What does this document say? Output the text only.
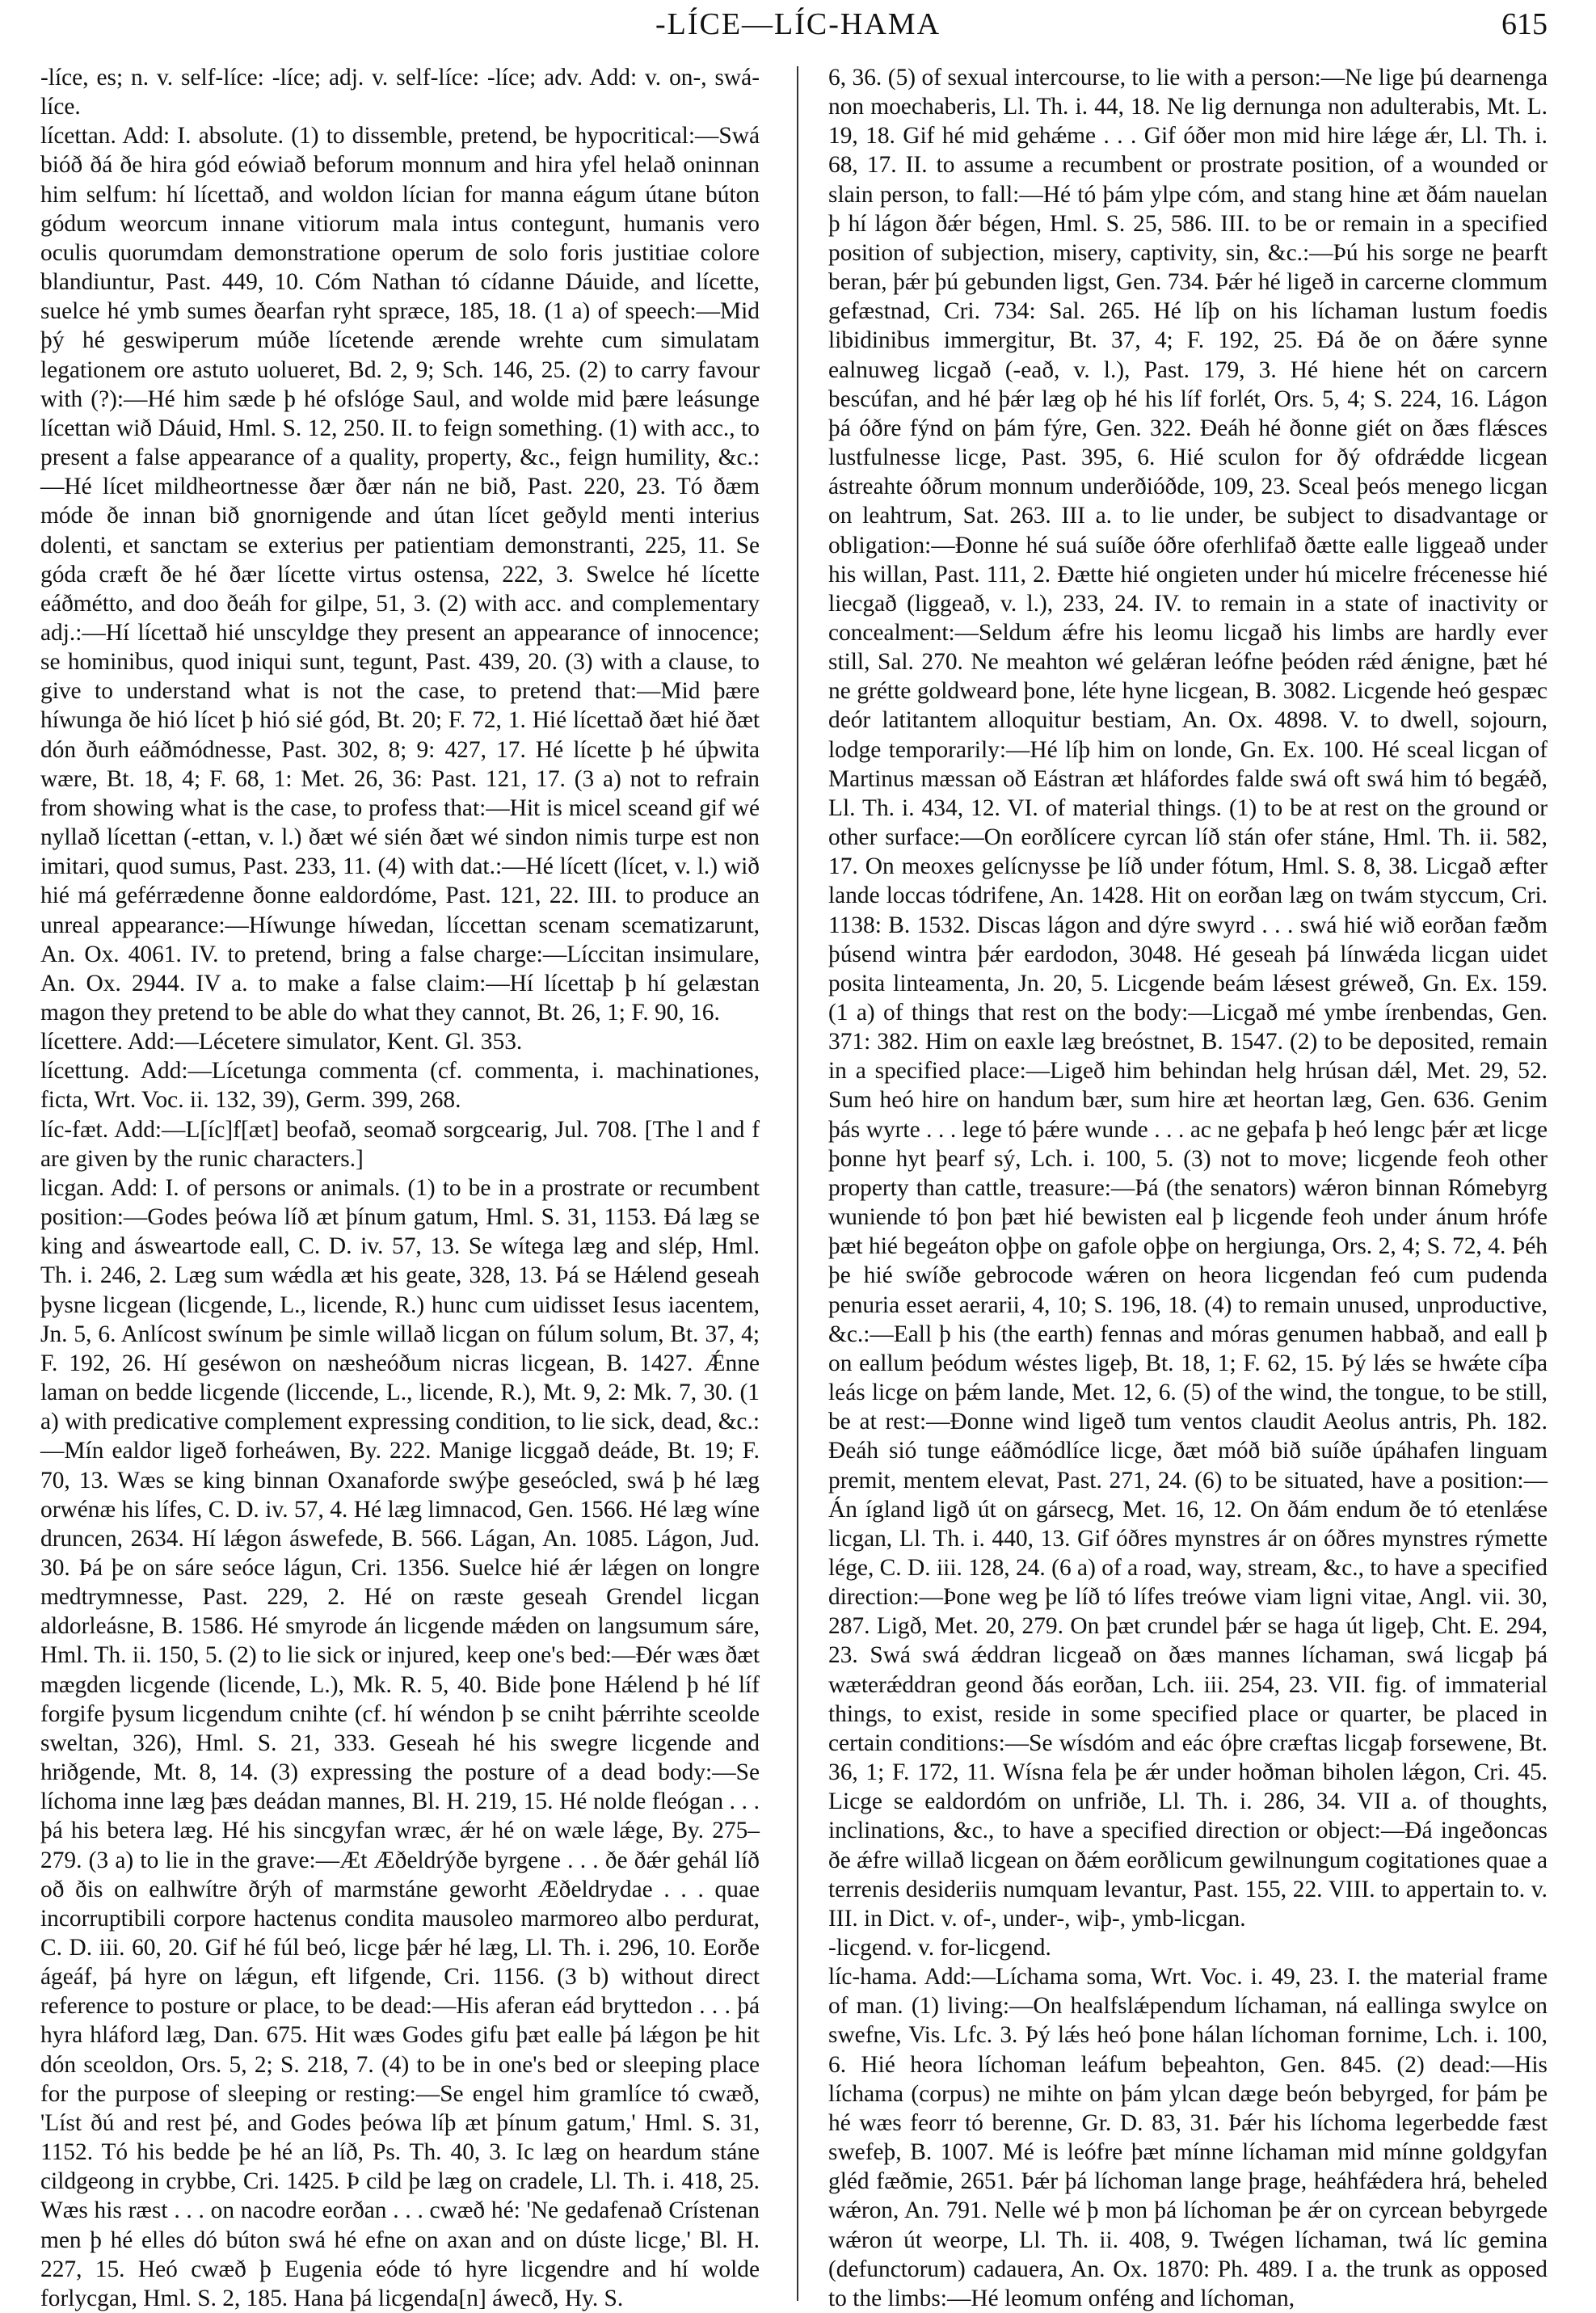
-LÍCE—LÍC-HAMA	615

-líce, es; n. v. self-líce: -líce; adj. v. self-líce: -líce; adv. Add: v. on-, swá-líce.

lícettan. Add: I. absolute. (1) to dissemble, pretend, be hypocritical:—Swá bióð ðá ðe hira gód eówiað beforum monnum and hira yfel helað oninnan him selfum: hí lícettað, and woldon lícian for manna eágum útane búton gódum weorcum innane vitiorum mala intus contegunt, humanis vero oculis quorumdam demonstratione operum de solo foris justitiae colore blandiuntur, Past. 449, 10. Cóm Nathan tó cídanne Dáuide, and lícette, suelce hé ymb sumes ðearfan ryht spræce, 185, 18. (1 a) of speech:—Mid þý hé geswiperum múðe lícetende ærende wrehte cum simulatam legationem ore astuto uolueret, Bd. 2, 9; Sch. 146, 25. (2) to carry favour with (?):—Hé him sæde þ hé ofslóge Saul, and wolde mid þære leásunge lícettan wið Dáuid, Hml. S. 12, 250. II. to feign something. (1) with acc., to present a false appearance of a quality, property, &c., feign humility, &c.:—Hé lícet mildheortnesse ðær ðær nán ne bið, Past. 220, 23. Tó ðæm móde ðe innan bið gnornigende and útan lícet geðyld menti interius dolenti, et sanctam se exterius per patientiam demonstranti, 225, 11. Se góda cræft ðe hé ðær lícette virtus ostensa, 222, 3. Swelce hé lícette eáðmétto, and doo ðeáh for gilpe, 51, 3. (2) with acc. and complementary adj.:—Hí lícettað hié unscyldge they present an appearance of innocence; se hominibus, quod iniqui sunt, tegunt, Past. 439, 20. (3) with a clause, to give to understand what is not the case, to pretend that:—Mid þære híwunga ðe hió lícet þ hió sié gód, Bt. 20; F. 72, 1. Hié lícettað ðæt hié ðæt dón ðurh eáðmódnesse, Past. 302, 8; 9: 427, 17. Hé lícette þ hé úþwita wære, Bt. 18, 4; F. 68, 1: Met. 26, 36: Past. 121, 17. (3 a) not to refrain from showing what is the case, to profess that:—Hit is micel sceand gif wé nyllað lícettan (-ettan, v. l.) ðæt wé sién ðæt wé sindon nimis turpe est non imitari, quod sumus, Past. 233, 11. (4) with dat.:—Hé lícett (lícet, v. l.) wið hié má geférrædenne ðonne ealdordóme, Past. 121, 22. III. to produce an unreal appearance:—Híwunge híwedan, líccettan scenam scematizarunt, An. Ox. 4061. IV. to pretend, bring a false charge:—Líccitan insimulare, An. Ox. 2944. IV a. to make a false claim:—Hí lícettaþ þ hí gelæstan magon they pretend to be able do what they cannot, Bt. 26, 1; F. 90, 16.

lícettere. Add:—Lécetere simulator, Kent. Gl. 353.

lícettung. Add:—Lícetunga commenta (cf. commenta, i. machinationes, ficta, Wrt. Voc. ii. 132, 39), Germ. 399, 268.

líc-fæt. Add:—L[íc]f[æt] beofað, seomað sorgcearig, Jul. 708. [The l and f are given by the runic characters.]

licgan. Add: I. of persons or animals. (1) to be in a prostrate or recumbent position:—Godes þeówa líð æt þínum gatum, Hml. S. 31, 1153. Ðá læg se king and ásweartode eall, C. D. iv. 57, 13. Se wítega læg and slép, Hml. Th. i. 246, 2. Læg sum wǽdla æt his geate, 328, 13. Þá se Hǽlend geseah þysne licgean (licgende, L., licende, R.) hunc cum uidisset Iesus iacentem, Jn. 5, 6. Anlícost swínum þe simle willað licgan on fúlum solum, Bt. 37, 4; F. 192, 26. Hí geséwon on næsheóðum nicras licgean, B. 1427. Ǽnne laman on bedde licgende (liccende, L., licende, R.), Mt. 9, 2: Mk. 7, 30. (1 a) with predicative complement expressing condition, to lie sick, dead, &c.:—Mín ealdor ligeð forheáwen, By. 222. Manige licggað deáde, Bt. 19; F. 70, 13. Wæs se king binnan Oxanaforde swýþe geseócled, swá þ hé læg orwénæ his lífes, C. D. iv. 57, 4. Hé læg limnacod, Gen. 1566. Hé læg wíne druncen, 2634. Hí lǽgon áswefede, B. 566. Lágan, An. 1085. Lágon, Jud. 30. Þá þe on sáre seóce lágun, Cri. 1356. Suelce hié ǽr lǽgen on longre medtrymnesse, Past. 229, 2. Hé on ræste geseah Grendel licgan aldorleásne, B. 1586. Hé smyrode án licgende mǽden on langsumum sáre, Hml. Th. ii. 150, 5. (2) to lie sick or injured, keep one's bed:—Ðér wæs ðæt mægden licgende (licende, L.), Mk. R. 5, 40. Bide þone Hǽlend þ hé líf forgife þysum licgendum cnihte (cf. hí wéndon þ se cniht þǽrrihte sceolde sweltan, 326), Hml. S. 21, 333. Geseah hé his swegre licgende and hriðgende, Mt. 8, 14. (3) expressing the posture of a dead body:—Se líchoma inne læg þæs deádan mannes, Bl. H. 219, 15. Hé nolde fleógan . . . þá his betera læg. Hé his sincgyfan wræc, ǽr hé on wæle lǽge, By. 275–279. (3 a) to lie in the grave:—Æt Æðeldrýðe byrgene . . . ðe ðǽr gehál líð oð ðis on ealhwítre ðrýh of marmstáne geworht Æðeldrydae . . . quae incorruptibili corpore hactenus condita mausoleo marmoreo albo perdurat, C. D. iii. 60, 20. Gif hé fúl beó, licge þǽr hé læg, Ll. Th. i. 296, 10. Eorðe ágeáf, þá hyre on lǽgun, eft lifgende, Cri. 1156. (3 b) without direct reference to posture or place, to be dead:—His aferan eád bryttedon . . . þá hyra hláford læg, Dan. 675. Hit wæs Godes gifu þæt ealle þá lǽgon þe hit dón sceoldon, Ors. 5, 2; S. 218, 7. (4) to be in one's bed or sleeping place for the purpose of sleeping or resting:—Se engel him gramlíce tó cwæð, 'Líst ðú and rest þé, and Godes þeówa líþ æt þínum gatum,' Hml. S. 31, 1152. Tó his bedde þe hé an líð, Ps. Th. 40, 3. Ic læg on heardum stáne cildgeong in crybbe, Cri. 1425. Þ cild þe læg on cradele, Ll. Th. i. 418, 25. Wæs his ræst . . . on nacodre eorðan . . . cwæð hé: 'Ne gedafenað Crístenan men þ hé elles dó búton swá hé efne on axan and on dúste licge,' Bl. H. 227, 15. Heó cwæð þ Eugenia eóde tó hyre licgendre and hí wolde forlycgan, Hml. S. 2, 185. Hana þá licgenda[n] áwecð, Hy. S.

6, 36. (5) of sexual intercourse, to lie with a person:—Ne lige þú dearnenga non moechaberis, Ll. Th. i. 44, 18. Ne lig dernunga non adulterabis, Mt. L. 19, 18. Gif hé mid gehǽme . . . Gif óðer mon mid hire lǽge ǽr, Ll. Th. i. 68, 17. II. to assume a recumbent or prostrate position, of a wounded or slain person, to fall:—Hé tó þám ylpe cóm, and stang hine æt ðám nauelan þ hí lágon ðǽr bégen, Hml. S. 25, 586. III. to be or remain in a specified position of subjection, misery, captivity, sin, &c.:—Þú his sorge ne þearft beran, þǽr þú gebunden ligst, Gen. 734. Þǽr hé ligeð in carcerne clommum gefæstnad, Cri. 734: Sal. 265. Hé líþ on his líchaman lustum foedis libidinibus immergitur, Bt. 37, 4; F. 192, 25. Ðá ðe on ðǽre synne ealnuweg licgað (-eað, v. l.), Past. 179, 3. Hé hiene hét on carcern bescúfan, and hé þǽr læg oþ hé his líf forlét, Ors. 5, 4; S. 224, 16. Lágon þá óðre fýnd on þám fýre, Gen. 322. Ðeáh hé ðonne giét on ðæs flǽsces lustfulnesse licge, Past. 395, 6. Hié sculon for ðý ofdrǽdde licgean ástreahte óðrum monnum underðióðde, 109, 23. Sceal þeós menego licgan on leahtrum, Sat. 263. III a. to lie under, be subject to disadvantage or obligation:—Ðonne hé suá suíðe óðre oferhlifað ðætte ealle liggeað under his willan, Past. 111, 2. Ðætte hié ongieten under hú micelre frécenesse hié liecgað (liggeað, v. l.), 233, 24. IV. to remain in a state of inactivity or concealment:—Seldum ǽfre his leomu licgað his limbs are hardly ever still, Sal. 270. Ne meahton wé gelǽran leófne þeóden rǽd ǽnigne, þæt hé ne grétte goldweard þone, léte hyne licgean, B. 3082. Licgende heó gespæc deór latitantem alloquitur bestiam, An. Ox. 4898. V. to dwell, sojourn, lodge temporarily:—Hé líþ him on londe, Gn. Ex. 100. Hé sceal licgan of Martinus mæssan oð Eástran æt hláfordes falde swá oft swá him tó begǽð, Ll. Th. i. 434, 12. VI. of material things. (1) to be at rest on the ground or other surface:—On eorðlícere cyrcan líð stán ofer stáne, Hml. Th. ii. 582, 17. On meoxes gelícnysse þe líð under fótum, Hml. S. 8, 38. Licgað æfter lande loccas tódrifene, An. 1428. Hit on eorðan læg on twám styccum, Cri. 1138: B. 1532. Discas lágon and dýre swyrd . . . swá hié wið eorðan fæðm þúsend wintra þǽr eardodon, 3048. Hé geseah þá línwǽda licgan uidet posita linteamenta, Jn. 20, 5. Licgende beám lǽsest gréweð, Gn. Ex. 159. (1 a) of things that rest on the body:—Licgað mé ymbe írenbendas, Gen. 371: 382. Him on eaxle læg breóstnet, B. 1547. (2) to be deposited, remain in a specified place:—Ligeð him behindan helg hrúsan dǽl, Met. 29, 52. Sum heó hire on handum bær, sum hire æt heortan læg, Gen. 636. Genim þás wyrte . . . lege tó þǽre wunde . . . ac ne geþafa þ heó lengc þǽr æt licge þonne hyt þearf sý, Lch. i. 100, 5. (3) not to move; licgende feoh other property than cattle, treasure:—Þá (the senators) wǽron binnan Rómebyrg wuniende tó þon þæt hié bewisten eal þ licgende feoh under ánum hrófe þæt hié begeáton oþþe on gafole oþþe on hergiunga, Ors. 2, 4; S. 72, 4. Þéh þe hié swíðe gebrocode wǽren on heora licgendan feó cum pudenda penuria esset aerarii, 4, 10; S. 196, 18. (4) to remain unused, unproductive, &c.:—Eall þ his (the earth) fennas and móras genumen habbað, and eall þ on eallum þeódum wéstes ligeþ, Bt. 18, 1; F. 62, 15. Þý lǽs se hwǽte cíþa leás licge on þǽm lande, Met. 12, 6. (5) of the wind, the tongue, to be still, be at rest:—Ðonne wind ligeð tum ventos claudit Aeolus antris, Ph. 182. Ðeáh sió tunge eáðmódlíce licge, ðæt móð bið suíðe úpáhafen linguam premit, mentem elevat, Past. 271, 24. (6) to be situated, have a position:—Án ígland ligð út on gársecg, Met. 16, 12. On ðám endum ðe tó etenlǽse licgan, Ll. Th. i. 440, 13. Gif óðres mynstres ár on óðres mynstres rýmette lége, C. D. iii. 128, 24. (6 a) of a road, way, stream, &c., to have a specified direction:—Þone weg þe líð tó lífes treówe viam ligni vitae, Angl. vii. 30, 287. Ligð, Met. 20, 279. On þæt crundel þǽr se haga út ligeþ, Cht. E. 294, 23. Swá swá ǽddran licgeað on ðæs mannes líchaman, swá licgaþ þá wæterǽddran geond ðás eorðan, Lch. iii. 254, 23. VII. fig. of immaterial things, to exist, reside in some specified place or quarter, be placed in certain conditions:—Se wísdóm and eác óþre cræftas licgaþ forsewene, Bt. 36, 1; F. 172, 11. Wísna fela þe ǽr under hoðman biholen lǽgon, Cri. 45. Licge se ealdordóm on unfriðe, Ll. Th. i. 286, 34. VII a. of thoughts, inclinations, &c., to have a specified direction or object:—Ðá ingeðoncas ðe ǽfre willað licgean on ðǽm eorðlicum gewilnungum cogitationes quae a terrenis desideriis numquam levantur, Past. 155, 22. VIII. to appertain to. v. III. in Dict. v. of-, under-, wiþ-, ymb-licgan.

-licgend. v. for-licgend.

líc-hama. Add:—Líchama soma, Wrt. Voc. i. 49, 23. I. the material frame of man. (1) living:—On healfslǽpendum líchaman, ná eallinga swylce on swefne, Vis. Lfc. 3. Þý lǽs heó þone hálan líchoman fornime, Lch. i. 100, 6. Hié heora líchoman leáfum beþeahton, Gen. 845. (2) dead:—His líchama (corpus) ne mihte on þám ylcan dæge beón bebyrged, for þám þe hé wæs feorr tó berenne, Gr. D. 83, 31. Þǽr his líchoma legerbedde fæst swefeþ, B. 1007. Mé is leófre þæt mínne líchaman mid mínne goldgyfan gléd fæðmie, 2651. Þǽr þá líchoman lange þrage, heáhfǽdera hrá, beheled wǽron, An. 791. Nelle wé þ mon þá líchoman þe ǽr on cyrcean bebyrgede wǽron út weorpe, Ll. Th. ii. 408, 9. Twégen líchaman, twá líc gemina (defunctorum) cadauera, An. Ox. 1870: Ph. 489. I a. the trunk as opposed to the limbs:—Hé leomum onféng and líchoman,
